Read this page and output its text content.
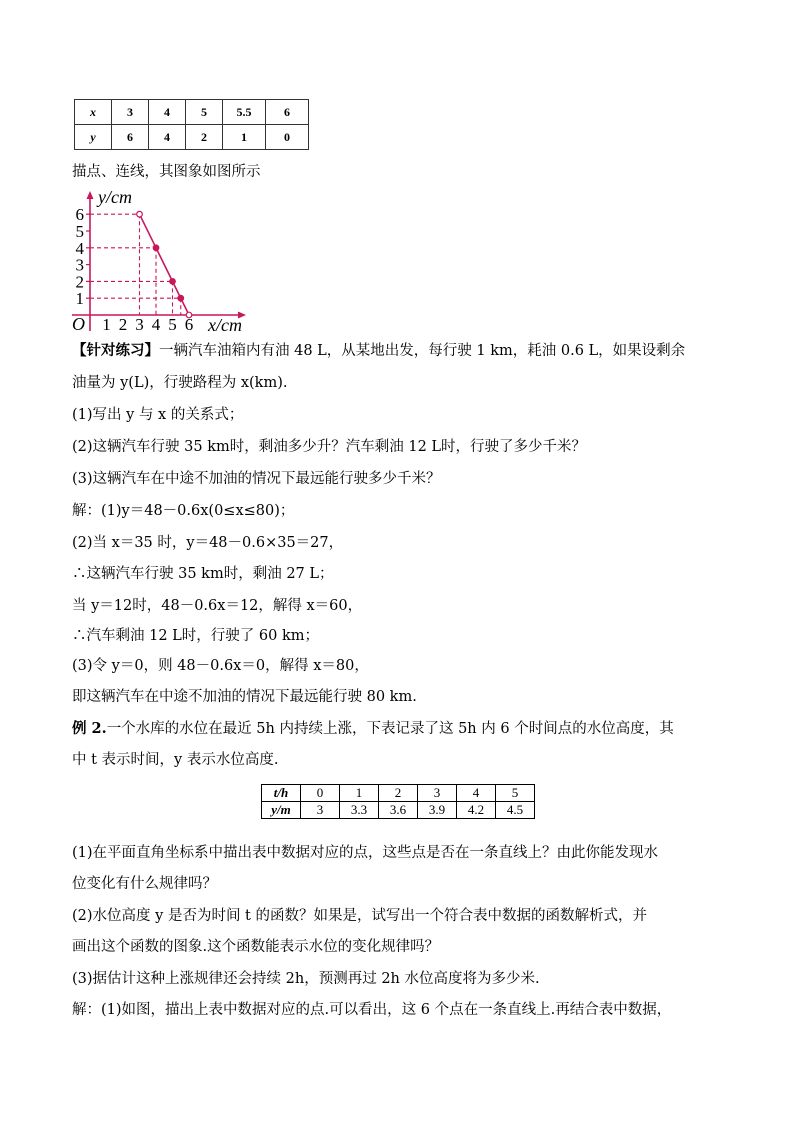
x	3	4	5	5.5	6
y	6	4	2	1	0
描点、连线，其图象如图所示
1 2 3 4 5 6
1
2
3
4
5
6
x/cm
y/cm
O
【针对练习】一辆汽车油箱内有油 48 L，从某地出发，每行驶 1 km，耗油 0.6 L，如果设剩余
油量为 y(L)，行驶路程为 x(km).
(1)写出 y 与 x 的关系式；
(2)这辆汽车行驶 35 km时，剩油多少升？汽车剩油 12 L时，行驶了多少千米？
(3)这辆汽车在中途不加油的情况下最远能行驶多少千米？
解：(1)y＝48－0.6x(0≤x≤80)；
(2)当 x＝35 时，y＝48－0.6×35＝27，
∴这辆汽车行驶 35 km时，剩油 27 L；
当 y＝12时，48－0.6x＝12，解得 x＝60，
∴汽车剩油 12 L时，行驶了 60 km；
(3)令 y＝0，则 48－0.6x＝0，解得 x＝80，
即这辆汽车在中途不加油的情况下最远能行驶 80 km.
例 2.一个水库的水位在最近 5h 内持续上涨，下表记录了这 5h 内 6 个时间点的水位高度，其
中 t 表示时间，y 表示水位高度.
t/h	0	1	2	3	4	5
y/m	3	3.3	3.6	3.9	4.2	4.5
(1)在平面直角坐标系中描出表中数据对应的点，这些点是否在一条直线上？由此你能发现水
位变化有什么规律吗？
(2)水位高度 y 是否为时间 t 的函数？如果是，试写出一个符合表中数据的函数解析式，并
画出这个函数的图象.这个函数能表示水位的变化规律吗？
(3)据估计这种上涨规律还会持续 2h，预测再过 2h 水位高度将为多少米.
解：(1)如图，描出上表中数据对应的点.可以看出，这 6 个点在一条直线上.再结合表中数据，
